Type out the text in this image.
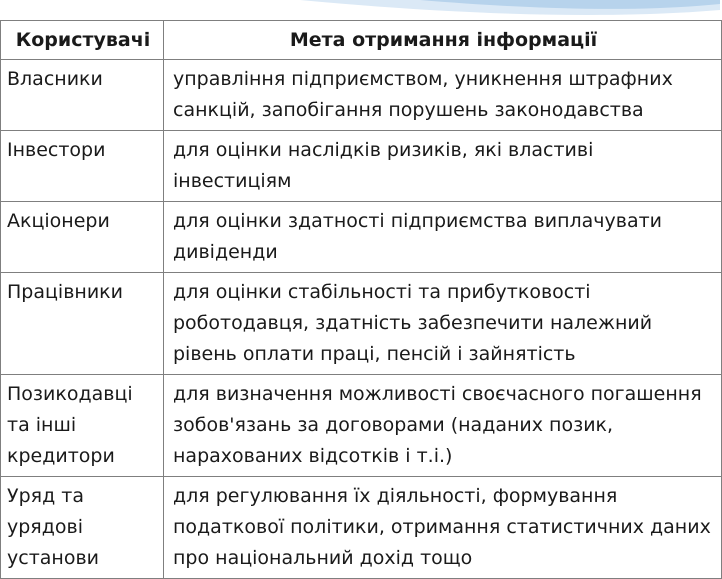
Користувачі	Мета отримання інформації
Власники	управління підприємством, уникнення штрафних санкцій, запобігання порушень законодавства
Інвестори	для оцінки наслідків ризиків, які властиві інвестиціям
Акціонери	для оцінки здатності підприємства виплачувати дивіденди
Працівники	для оцінки стабільності та прибутковості роботодавця, здатність забезпечити належний рівень оплати праці, пенсій і зайнятість
Позикодавці та інші кредитори	для визначення можливості своєчасного погашення зобов'язань за договорами (наданих позик, нарахованих відсотків і т.і.)
Уряд та урядові установи	для регулювання їх діяльності, формування податкової політики, отримання статистичних даних про національний дохід тощо
